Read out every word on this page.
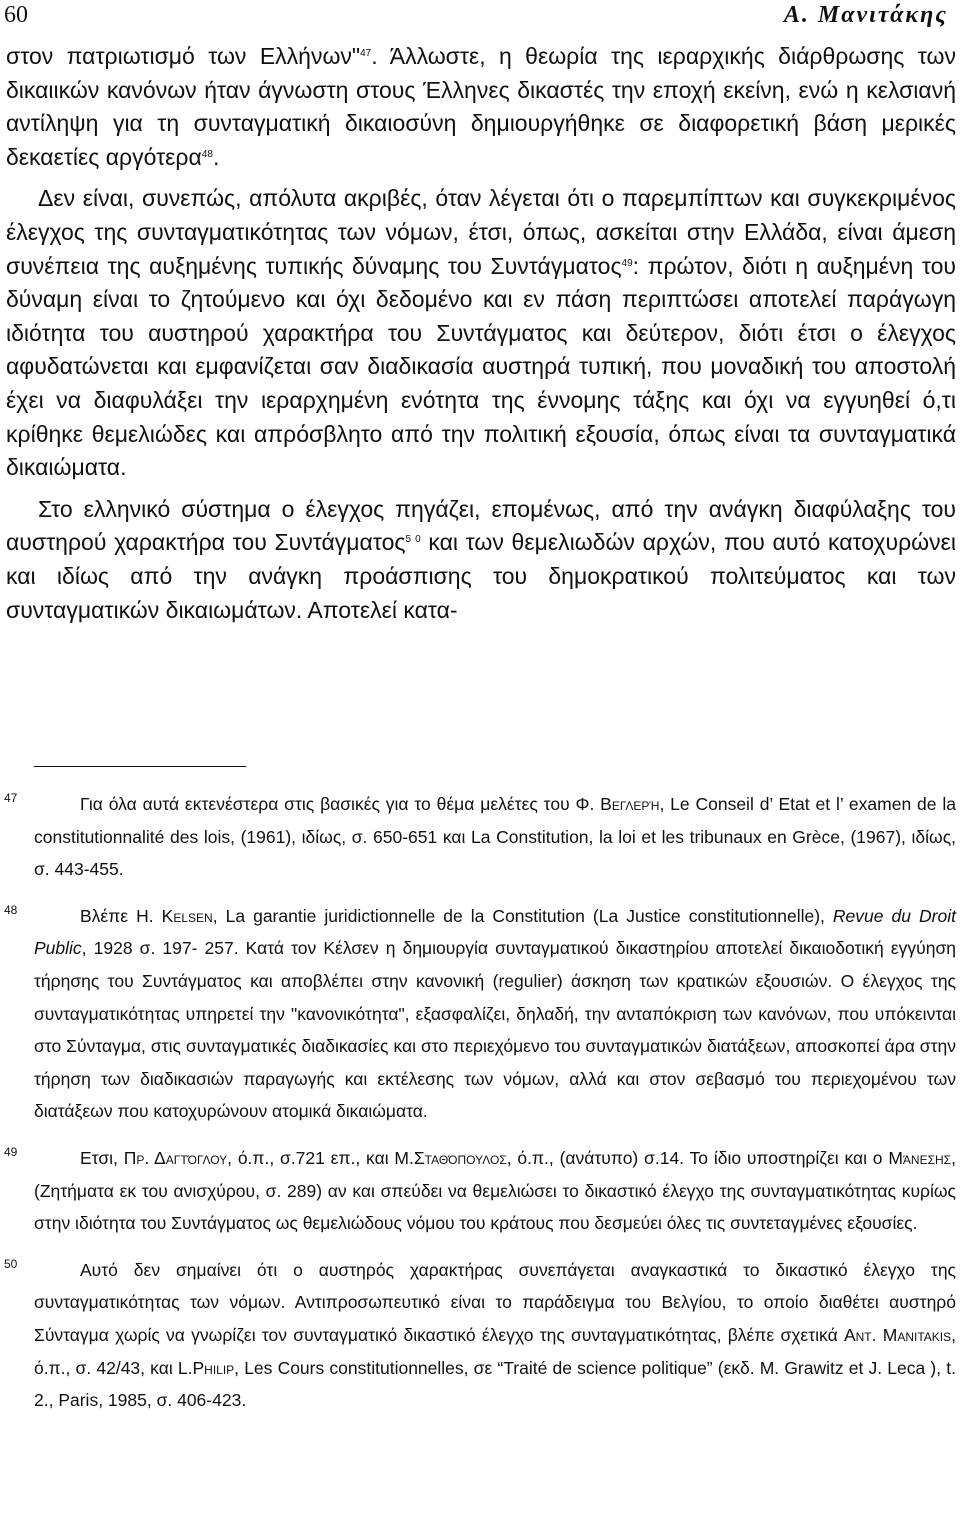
60	Α. Μανιτάκης

στον πατριωτισμό των Ελλήνων"$^{47}$. Άλλωστε, η θεωρία της ιεραρχικής διάρθρωσης των δικαιικών κανόνων ήταν άγνωστη στους Έλληνες δικαστές την εποχή εκείνη, ενώ η κελσιανή αντίληψη για τη συνταγματική δικαιοσύνη δημιουργήθηκε σε διαφορετική βάση μερικές δεκαετίες αργότερα$^{48}$.

Δεν είναι, συνεπώς, απόλυτα ακριβές, όταν λέγεται ότι ο παρεμπίπτων και συγκεκριμένος έλεγχος της συνταγματικότητας των νόμων, έτσι, όπως, ασκείται στην Ελλάδα, είναι άμεση συνέπεια της αυξημένης τυπικής δύναμης του Συντάγματος$^{49}$: πρώτον, διότι η αυξημένη του δύναμη είναι το ζητούμενο και όχι δεδομένο και εν πάση περιπτώσει αποτελεί παράγωγη ιδιότητα του αυστηρού χαρακτήρα του Συντάγματος και δεύτερον, διότι έτσι ο έλεγχος αφυδατώνεται και εμφανίζεται σαν διαδικασία αυστηρά τυπική, που μοναδική του αποστολή έχει να διαφυλάξει την ιεραρχημένη ενότητα της έννομης τάξης και όχι να εγγυηθεί ό,τι κρίθηκε θεμελιώδες και απρόσβλητο από την πολιτική εξουσία, όπως είναι τα συνταγματικά δικαιώματα.

Στο ελληνικό σύστημα ο έλεγχος πηγάζει, επομένως, από την ανάγκη διαφύλαξης του αυστηρού χαρακτήρα του Συντάγματος$^{5 0}$ και των θεμελιωδών αρχών, που αυτό κατοχυρώνει και ιδίως από την ανάγκη προάσπισης του δημοκρατικού πολιτεύματος και των συνταγματικών δικαιωμάτων. Αποτελεί κατα-

47	Για όλα αυτά εκτενέστερα στις βασικές για το θέμα μελέτες του Φ. Βεγλερή, Le Conseil d’ Etat et l’ examen de la constitutionnalité des lois, (1961), ιδίως, σ. 650-651 και La Constitution, la loi et les tribunaux en Grèce, (1967), ιδίως, σ. 443-455.
48	Βλέπε Η. Kelsen, La garantie juridictionnelle de la Constitution (La Justice constitutionnelle), Revue du Droit Public, 1928 σ. 197- 257. Κατά τον Κέλσεν η δημιουργία συνταγματικού δικαστηρίου αποτελεί δικαιοδοτική εγγύηση τήρησης του Συντάγματος και αποβλέπει στην κανονική (regulier) άσκηση των κρατικών εξουσιών. Ο έλεγχος της συνταγματικότητας υπηρετεί την "κανονικότητα", εξασφαλίζει, δηλαδή, την ανταπόκριση των κανόνων, που υπόκεινται στο Σύνταγμα, στις συνταγματικές διαδικασίες και στο περιεχόμενο του συνταγματικών διατάξεων, αποσκοπεί άρα στην τήρηση των διαδικασιών παραγωγής και εκτέλεσης των νόμων, αλλά και στον σεβασμό του περιεχομένου των διατάξεων που κατοχυρώνουν ατομικά δικαιώματα.
49	Ετσι, Πρ. Δαγτόγλου, ό.π., σ.721 επ., και Μ.Σταθόπουλος, ό.π., (ανάτυπο) σ.14. Το ίδιο υποστηρίζει και ο Μάνεσης, (Ζητήματα εκ του ανισχύρου, σ. 289) αν και σπεύδει να θεμελιώσει το δικαστικό έλεγχο της συνταγματικότητας κυρίως στην ιδιότητα του Συντάγματος ως θεμελιώδους νόμου του κράτους που δεσμεύει όλες τις συντεταγμένες εξουσίες.
50	Αυτό δεν σημαίνει ότι ο αυστηρός χαρακτήρας συνεπάγεται αναγκαστικά το δικαστικό έλεγχο της συνταγματικότητας των νόμων. Αντιπροσωπευτικό είναι το παράδειγμα του Βελγίου, το οποίο διαθέτει αυστηρό Σύνταγμα χωρίς να γνωρίζει τον συνταγματικό δικαστικό έλεγχο της συνταγματικότητας, βλέπε σχετικά Ant. Manitakis, ό.π., σ. 42/43, και L.Philip, Les Cours constitutionnelles, σε “Traité de science politique” (εκδ. M. Grawitz et J. Leca ), t. 2., Paris, 1985, σ. 406-423.
